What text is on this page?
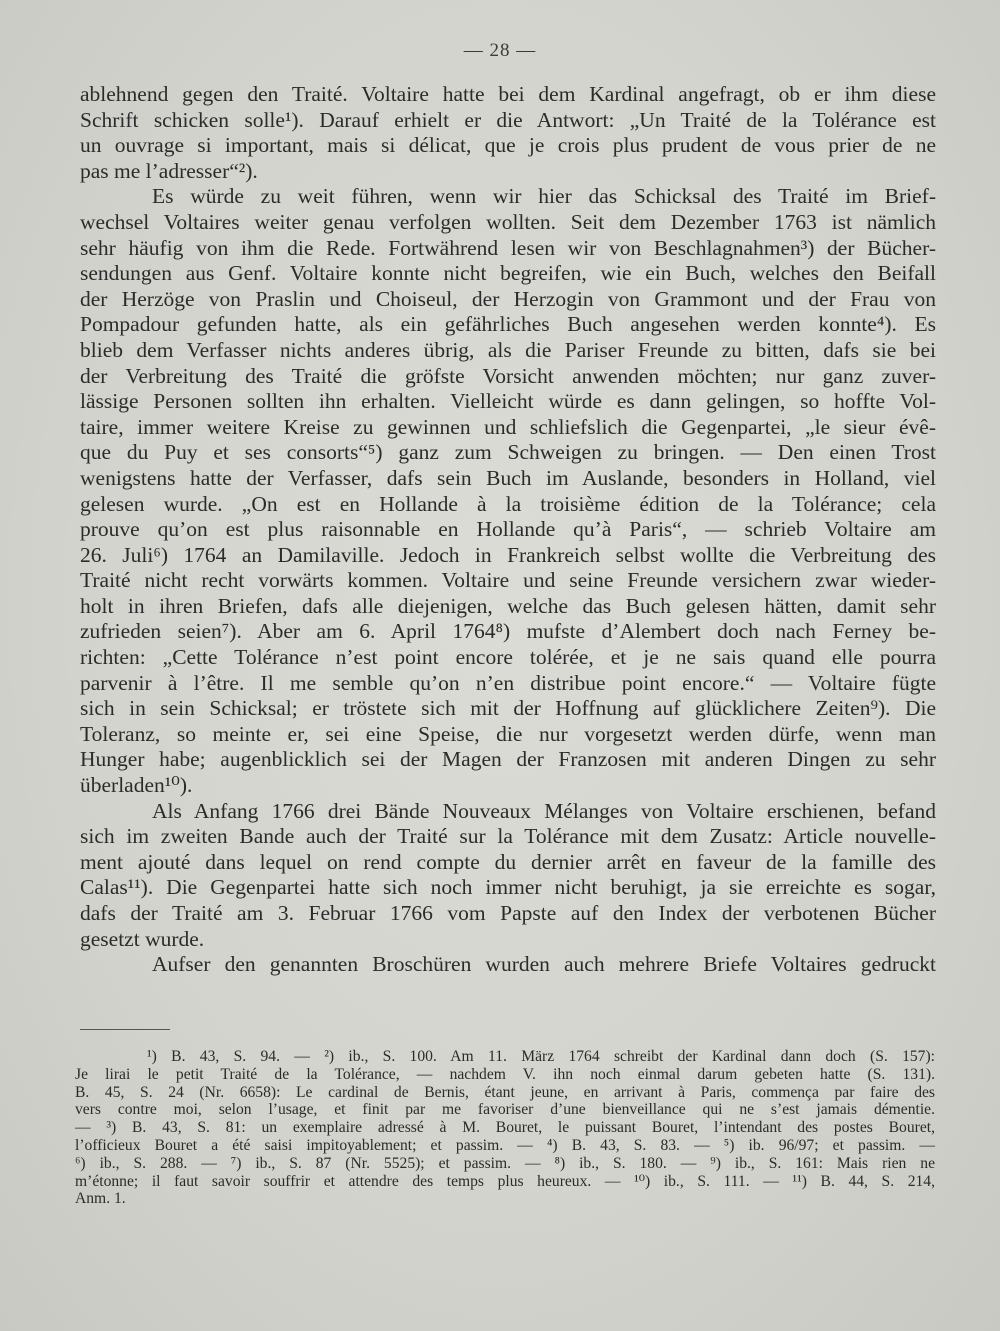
— 28 —
ablehnend gegen den Traité. Voltaire hatte bei dem Kardinal angefragt, ob er ihm diese
Schrift schicken solle¹). Darauf erhielt er die Antwort: „Un Traité de la Tolérance est
un ouvrage si important, mais si délicat, que je crois plus prudent de vous prier de ne
pas me l’adresser“²).
Es würde zu weit führen, wenn wir hier das Schicksal des Traité im Brief-
wechsel Voltaires weiter genau verfolgen wollten. Seit dem Dezember 1763 ist nämlich
sehr häufig von ihm die Rede. Fortwährend lesen wir von Beschlagnahmen³) der Bücher-
sendungen aus Genf. Voltaire konnte nicht begreifen, wie ein Buch, welches den Beifall
der Herzöge von Praslin und Choiseul, der Herzogin von Grammont und der Frau von
Pompadour gefunden hatte, als ein gefährliches Buch angesehen werden konnte⁴). Es
blieb dem Verfasser nichts anderes übrig, als die Pariser Freunde zu bitten, dafs sie bei
der Verbreitung des Traité die gröfste Vorsicht anwenden möchten; nur ganz zuver-
lässige Personen sollten ihn erhalten. Vielleicht würde es dann gelingen, so hoffte Vol-
taire, immer weitere Kreise zu gewinnen und schliefslich die Gegenpartei, „le sieur évê-
que du Puy et ses consorts“⁵) ganz zum Schweigen zu bringen. — Den einen Trost
wenigstens hatte der Verfasser, dafs sein Buch im Auslande, besonders in Holland, viel
gelesen wurde. „On est en Hollande à la troisième édition de la Tolérance; cela
prouve qu’on est plus raisonnable en Hollande qu’à Paris“, — schrieb Voltaire am
26. Juli⁶) 1764 an Damilaville. Jedoch in Frankreich selbst wollte die Verbreitung des
Traité nicht recht vorwärts kommen. Voltaire und seine Freunde versichern zwar wieder-
holt in ihren Briefen, dafs alle diejenigen, welche das Buch gelesen hätten, damit sehr
zufrieden seien⁷). Aber am 6. April 1764⁸) mufste d’Alembert doch nach Ferney be-
richten: „Cette Tolérance n’est point encore tolérée, et je ne sais quand elle pourra
parvenir à l’être. Il me semble qu’on n’en distribue point encore.“ — Voltaire fügte
sich in sein Schicksal; er tröstete sich mit der Hoffnung auf glücklichere Zeiten⁹). Die
Toleranz, so meinte er, sei eine Speise, die nur vorgesetzt werden dürfe, wenn man
Hunger habe; augenblicklich sei der Magen der Franzosen mit anderen Dingen zu sehr
überladen¹⁰).
Als Anfang 1766 drei Bände Nouveaux Mélanges von Voltaire erschienen, befand
sich im zweiten Bande auch der Traité sur la Tolérance mit dem Zusatz: Article nouvelle-
ment ajouté dans lequel on rend compte du dernier arrêt en faveur de la famille des
Calas¹¹). Die Gegenpartei hatte sich noch immer nicht beruhigt, ja sie erreichte es sogar,
dafs der Traité am 3. Februar 1766 vom Papste auf den Index der verbotenen Bücher
gesetzt wurde.
Aufser den genannten Broschüren wurden auch mehrere Briefe Voltaires gedruckt
¹) B. 43, S. 94. — ²) ib., S. 100. Am 11. März 1764 schreibt der Kardinal dann doch (S. 157):
Je lirai le petit Traité de la Tolérance, — nachdem V. ihn noch einmal darum gebeten hatte (S. 131).
B. 45, S. 24 (Nr. 6658): Le cardinal de Bernis, étant jeune, en arrivant à Paris, commença par faire des
vers contre moi, selon l’usage, et finit par me favoriser d’une bienveillance qui ne s’est jamais démentie.
— ³) B. 43, S. 81: un exemplaire adressé à M. Bouret, le puissant Bouret, l’intendant des postes Bouret,
l’officieux Bouret a été saisi impitoyablement; et passim. — ⁴) B. 43, S. 83. — ⁵) ib. 96/97; et passim. —
⁶) ib., S. 288. — ⁷) ib., S. 87 (Nr. 5525); et passim. — ⁸) ib., S. 180. — ⁹) ib., S. 161: Mais rien ne
m’étonne; il faut savoir souffrir et attendre des temps plus heureux. — ¹⁰) ib., S. 111. — ¹¹) B. 44, S. 214,
Anm. 1.
